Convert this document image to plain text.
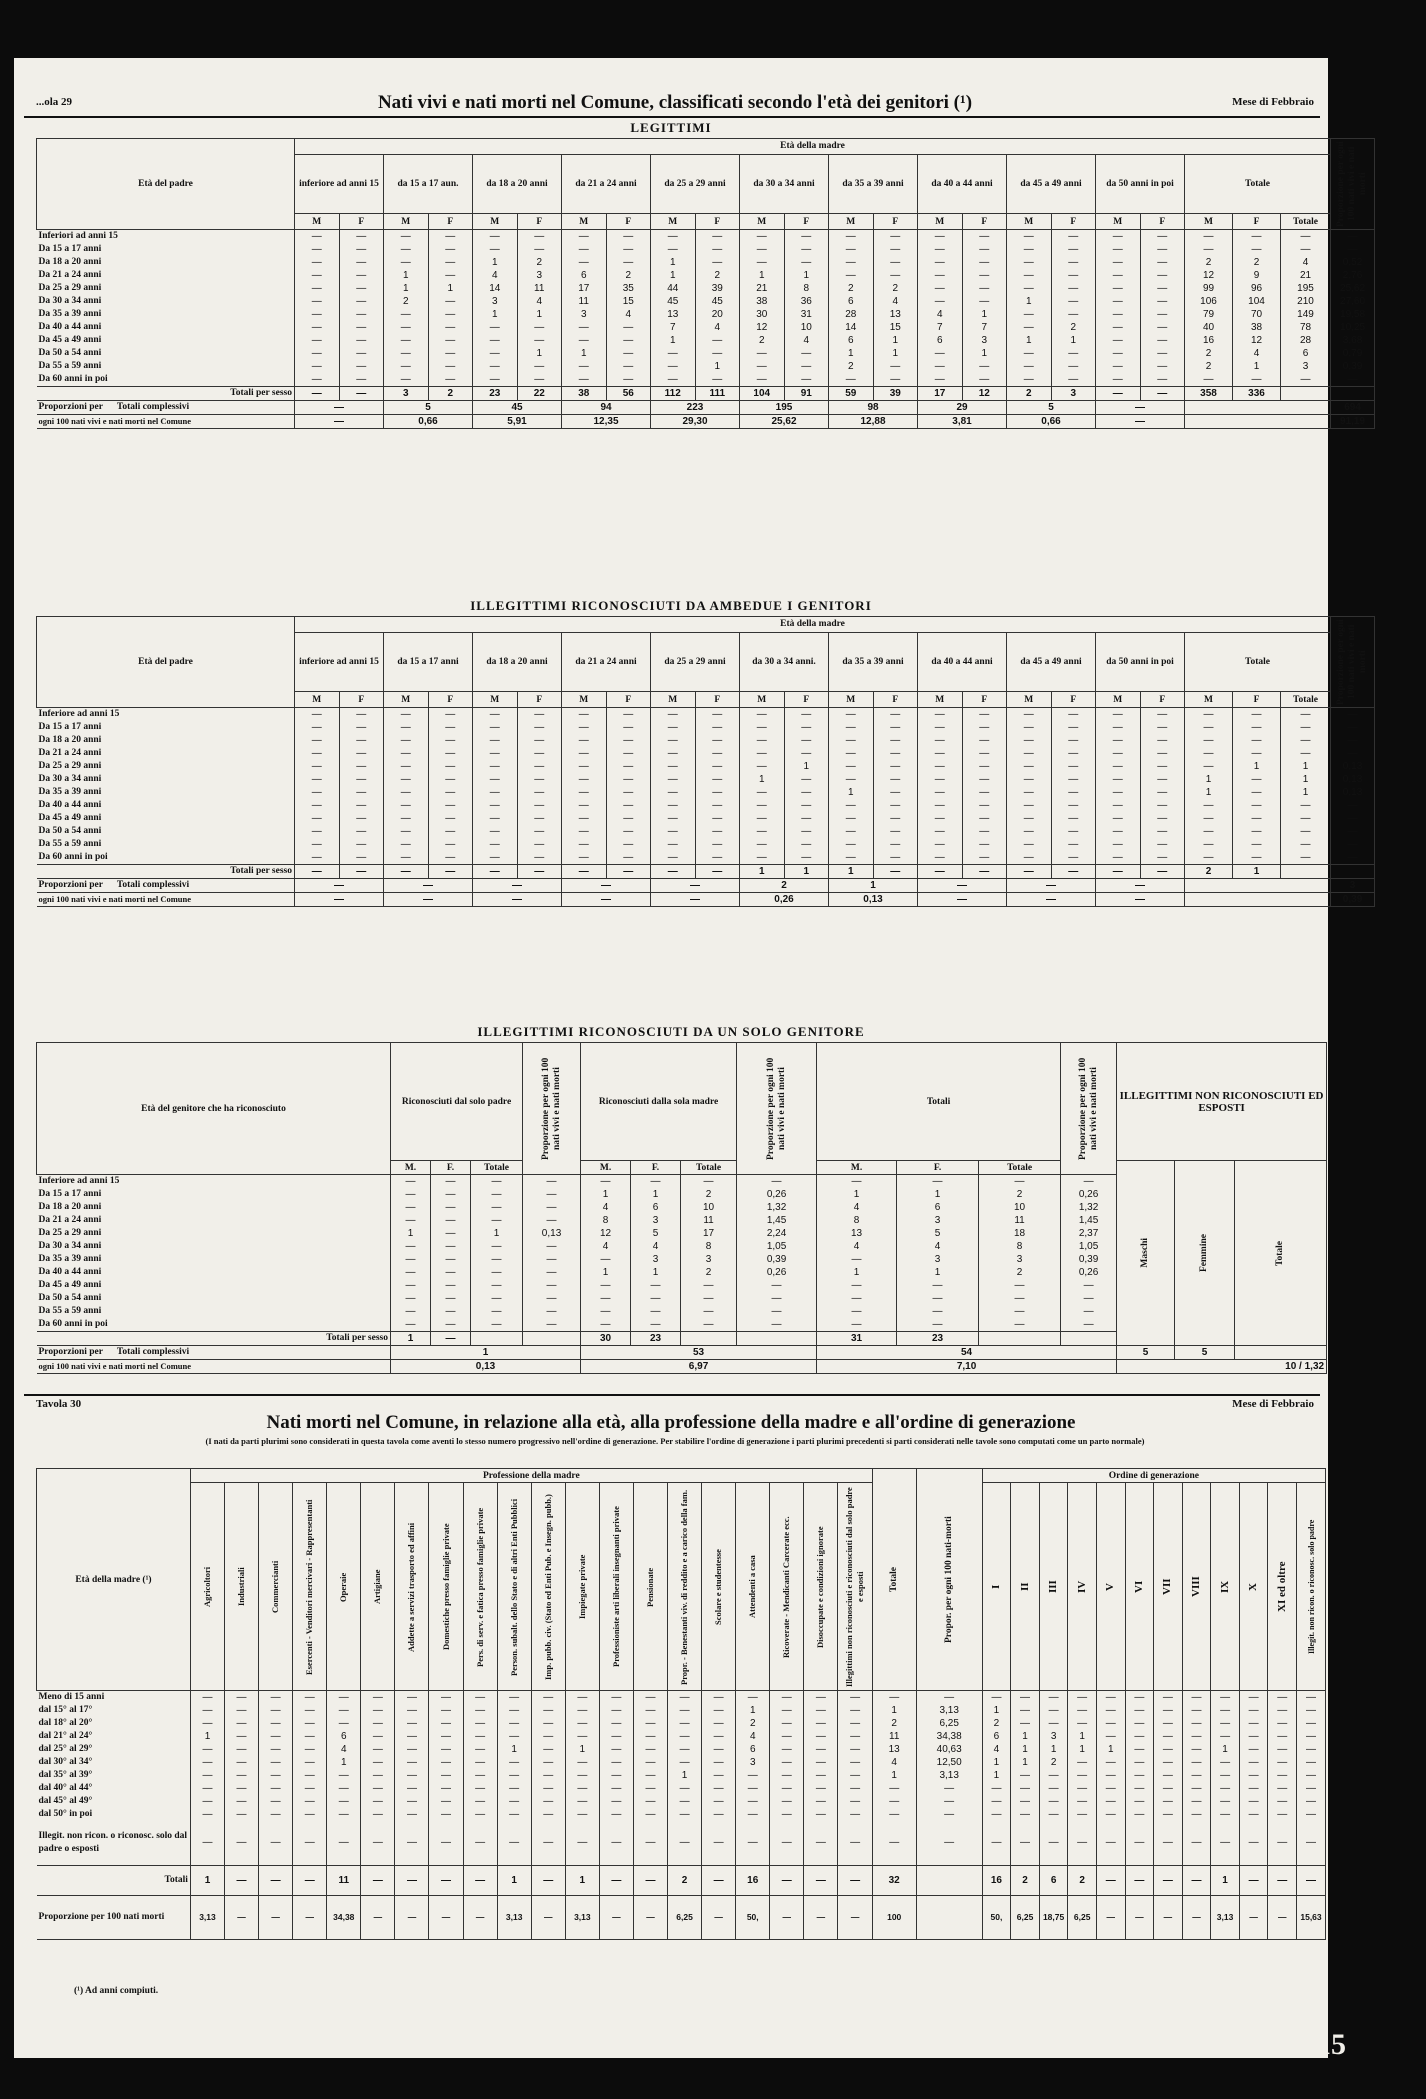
...ola 29	Nati vivi e nati morti nel Comune, classificati secondo l'età dei genitori (¹)	Mese di Febbraio
LEGITTIMI
Età del padre	Età della madre																							Proporzione per ogni 100 nati vivi e nati morti

	inferiore ad anni 15		da 15 a 17 aun.		da 18 a 20 anni		da 21 a 24 anni		da 25 a 29 anni		da 30 a 34 anni		da 35 a 39 anni		da 40 a 44 anni		da 45 a 49 anni		da 50 anni in poi		Totale			
	M	F	M	F	M	F	M	F	M	F	M	F	M	F	M	F	M	F	M	F	M	F	Totale	
Inferiori ad anni 15	—	—	—	—	—	—	—	—	—	—	—	—	—	—	—	—	—	—	—	—	—	—	—	—
Da 15 a 17 anni	—	—	—	—	—	—	—	—	—	—	—	—	—	—	—	—	—	—	—	—	—	—	—	—
Da 18 a 20 anni	—	—	—	—	1	2	—	—	1	—	—	—	—	—	—	—	—	—	—	—	2	2	4	0,52
Da 21 a 24 anni	—	—	1	—	4	3	6	2	1	2	1	1	—	—	—	—	—	—	—	—	12	9	21	2,76
Da 25 a 29 anni	—	—	1	1	14	11	17	35	44	39	21	8	2	2	—	—	—	—	—	—	99	96	195	25,62
Da 30 a 34 anni	—	—	2	—	3	4	11	15	45	45	38	36	6	4	—	—	1	—	—	—	106	104	210	27,60
Da 35 a 39 anni	—	—	—	—	1	1	3	4	13	20	30	31	28	13	4	1	—	—	—	—	79	70	149	19,58
Da 40 a 44 anni	—	—	—	—	—	—	—	—	7	4	12	10	14	15	7	7	—	2	—	—	40	38	78	10,25
Da 45 a 49 anni	—	—	—	—	—	—	—	—	1	—	2	4	6	1	6	3	1	1	—	—	16	12	28	3,68
Da 50 a 54 anni	—	—	—	—	—	1	1	—	—	—	—	—	1	1	—	1	—	—	—	—	2	4	6	0,79
Da 55 a 59 anni	—	—	—	—	—	—	—	—	—	1	—	—	2	—	—	—	—	—	—	—	2	1	3	0,39
Da 60 anni in poi	—	—	—	—	—	—	—	—	—	—	—	—	—	—	—	—	—	—	—	—	—	—	—	—
Totali per sesso	—	—	3	2	23	22	38	56	112	111	104	91	59	39	17	12	2	3	—	—	358	336		
Proporzioni per Totali complessivi	—		5		45		94		223		195		98		29		5		—					694
ogni 100 nati vivi e nati morti nel Comune	—		0,66		5,91		12,35		29,30		25,62		12,88		3,81		0,66		—					91,19
ILLEGITTIMI RICONOSCIUTI DA AMBEDUE I GENITORI
Età del padre	Età della madre																							Proporzione per ogni 100 nati vivi e nati morti

	inferiore ad anni 15		da 15 a 17 anni		da 18 a 20 anni		da 21 a 24 anni		da 25 a 29 anni		da 30 a 34 anni.		da 35 a 39 anni		da 40 a 44 anni		da 45 a 49 anni		da 50 anni in poi		Totale			
	M	F	M	F	M	F	M	F	M	F	M	F	M	F	M	F	M	F	M	F	M	F	Totale	
Inferiore ad anni 15	—	—	—	—	—	—	—	—	—	—	—	—	—	—	—	—	—	—	—	—	—	—	—	—
Da 15 a 17 anni	—	—	—	—	—	—	—	—	—	—	—	—	—	—	—	—	—	—	—	—	—	—	—	—
Da 18 a 20 anni	—	—	—	—	—	—	—	—	—	—	—	—	—	—	—	—	—	—	—	—	—	—	—	—
Da 21 a 24 anni	—	—	—	—	—	—	—	—	—	—	—	—	—	—	—	—	—	—	—	—	—	—	—	—
Da 25 a 29 anni	—	—	—	—	—	—	—	—	—	—	—	1	—	—	—	—	—	—	—	—	—	1	1	0,13
Da 30 a 34 anni	—	—	—	—	—	—	—	—	—	—	1	—	—	—	—	—	—	—	—	—	1	—	1	0,13
Da 35 a 39 anni	—	—	—	—	—	—	—	—	—	—	—	—	1	—	—	—	—	—	—	—	1	—	1	0,13
Da 40 a 44 anni	—	—	—	—	—	—	—	—	—	—	—	—	—	—	—	—	—	—	—	—	—	—	—	—
Da 45 a 49 anni	—	—	—	—	—	—	—	—	—	—	—	—	—	—	—	—	—	—	—	—	—	—	—	—
Da 50 a 54 anni	—	—	—	—	—	—	—	—	—	—	—	—	—	—	—	—	—	—	—	—	—	—	—	—
Da 55 a 59 anni	—	—	—	—	—	—	—	—	—	—	—	—	—	—	—	—	—	—	—	—	—	—	—	—
Da 60 anni in poi	—	—	—	—	—	—	—	—	—	—	—	—	—	—	—	—	—	—	—	—	—	—	—	—
Totali per sesso	—	—	—	—	—	—	—	—	—	—	1	1	1	—	—	—	—	—	—	—	2	1		
Proporzioni per Totali complessivi	—		—		—		—		—		2		1		—		—		—					3
ogni 100 nati vivi e nati morti nel Comune	—		—		—		—		—		0,26		0,13		—		—		—					0,39
ILLEGITTIMI RICONOSCIUTI DA UN SOLO GENITORE
Età del genitore che ha riconosciuto	Riconosciuti dal solo padre			Proporzione per ogni 100 nati vivi e nati morti	Riconosciuti dalla sola madre			Proporzione per ogni 100 nati vivi e nati morti	Totali			Proporzione per ogni 100 nati vivi e nati morti	ILLEGITTIMI NON RICONOSCIUTI ED ESPOSTI		
	M.	F.	Totale		M.	F.	Totale		M.	F.	Totale		Maschi	Femmine	Totale

Inferiore ad anni 15	—	—	—	—	—	—	—	—	—	—	—	—			
Da 15 a 17 anni	—	—	—	—	1	1	2	0,26	1	1	2	0,26			
Da 18 a 20 anni	—	—	—	—	4	6	10	1,32	4	6	10	1,32			
Da 21 a 24 anni	—	—	—	—	8	3	11	1,45	8	3	11	1,45			
Da 25 a 29 anni	1	—	1	0,13	12	5	17	2,24	13	5	18	2,37			
Da 30 a 34 anni	—	—	—	—	4	4	8	1,05	4	4	8	1,05			
Da 35 a 39 anni	—	—	—	—	—	3	3	0,39	—	3	3	0,39			
Da 40 a 44 anni	—	—	—	—	1	1	2	0,26	1	1	2	0,26			
Da 45 a 49 anni	—	—	—	—	—	—	—	—	—	—	—	—			
Da 50 a 54 anni	—	—	—	—	—	—	—	—	—	—	—	—			
Da 55 a 59 anni	—	—	—	—	—	—	—	—	—	—	—	—			
Da 60 anni in poi	—	—	—	—	—	—	—	—	—	—	—	—			
Totali per sesso	1	—			30	23			31	23					
Proporzioni per Totali complessivi	1				53				54				5	5	
ogni 100 nati vivi e nati morti nel Comune	0,13				6,97				7,10				10 / 1,32		
Tavola 30	Mese di Febbraio
Nati morti nel Comune, in relazione alla età, alla professione della madre e all'ordine di generazione
(I nati da parti plurimi sono considerati in questa tavola come aventi lo stesso numero progressivo nell'ordine di generazione. Per stabilire l'ordine di generazione i parti plurimi precedenti si parti considerati nelle tavole sono computati come un parto normale)
Età della madre (¹)	Professione della madre																				Totale	Propor. per ogni 100 nati-morti	Ordine di generazione											

	Agricoltori	Industriali	Commercianti	Esercenti - Venditori mercivari - Rappresentanti	Operaie	Artigiane	Addette a servizi trasporto ed affini	Domestiche presso famiglie private	Pers. di serv. e fatica presso famiglie private	Person. subalt. dello Stato e di altri Enti Pubblici	Imp. pubb. civ. (Stato ed Enti Pub. e Insegn. pubb.)	Impiegate private	Professioniste arti liberali insegnanti private	Pensionate	Propr. - Benestanti viv. di reddito e a carico della fam.	Scolare e studentesse	Attendenti a casa	Ricoverate - Mendicanti Carcerate ecc.	Disoccupate e condizioni ignorate	Illegittimi non riconosciuti e riconosciuti dal solo padre e esposti			I	II	III	IV	V	VI	VII	VIII	IX	X	XI ed oltre	Illegit. non ricon. o riconosc. solo padre

Meno di 15 anni	—	—	—	—	—	—	—	—	—	—	—	—	—	—	—	—	—	—	—	—	—	—	—	—	—	—	—	—	—	—	—	—	—	—
dal 15° al 17°	—	—	—	—	—	—	—	—	—	—	—	—	—	—	—	—	1	—	—	—	1	3,13	1	—	—	—	—	—	—	—	—	—	—	—
dal 18° al 20°	—	—	—	—	—	—	—	—	—	—	—	—	—	—	—	—	2	—	—	—	2	6,25	2	—	—	—	—	—	—	—	—	—	—	—
dal 21° al 24°	1	—	—	—	6	—	—	—	—	—	—	—	—	—	—	—	4	—	—	—	11	34,38	6	1	3	1	—	—	—	—	—	—	—	—
dal 25° al 29°	—	—	—	—	4	—	—	—	—	1	—	1	—	—	—	—	6	—	—	—	13	40,63	4	1	1	1	1	—	—	—	1	—	—	—
dal 30° al 34°	—	—	—	—	1	—	—	—	—	—	—	—	—	—	—	—	3	—	—	—	4	12,50	1	1	2	—	—	—	—	—	—	—	—	—
dal 35° al 39°	—	—	—	—	—	—	—	—	—	—	—	—	—	—	1	—	—	—	—	—	1	3,13	1	—	—	—	—	—	—	—	—	—	—	—
dal 40° al 44°	—	—	—	—	—	—	—	—	—	—	—	—	—	—	—	—	—	—	—	—	—	—	—	—	—	—	—	—	—	—	—	—	—	—
dal 45° al 49°	—	—	—	—	—	—	—	—	—	—	—	—	—	—	—	—	—	—	—	—	—	—	—	—	—	—	—	—	—	—	—	—	—	—
dal 50° in poi	—	—	—	—	—	—	—	—	—	—	—	—	—	—	—	—	—	—	—	—	—	—	—	—	—	—	—	—	—	—	—	—	—	—
Illegit. non ricon. o riconosc. solo dal padre o esposti	—	—	—	—	—	—	—	—	—	—	—	—	—	—	—	—	—	—	—	—	—	—	—	—	—	—	—	—	—	—	—	—	—	—
Totali	1	—	—	—	11	—	—	—	—	1	—	1	—	—	2	—	16	—	—	—	32		16	2	6	2	—	—	—	—	1	—	—	—
Proporzione per 100 nati morti	3,13	—	—	—	34,38	—	—	—	—	3,13	—	3,13	—	—	6,25	—	50,	—	—	—	100		50,	6,25	18,75	6,25	—	—	—	—	3,13	—	—	15,63
(¹) Ad anni compiuti.
15
